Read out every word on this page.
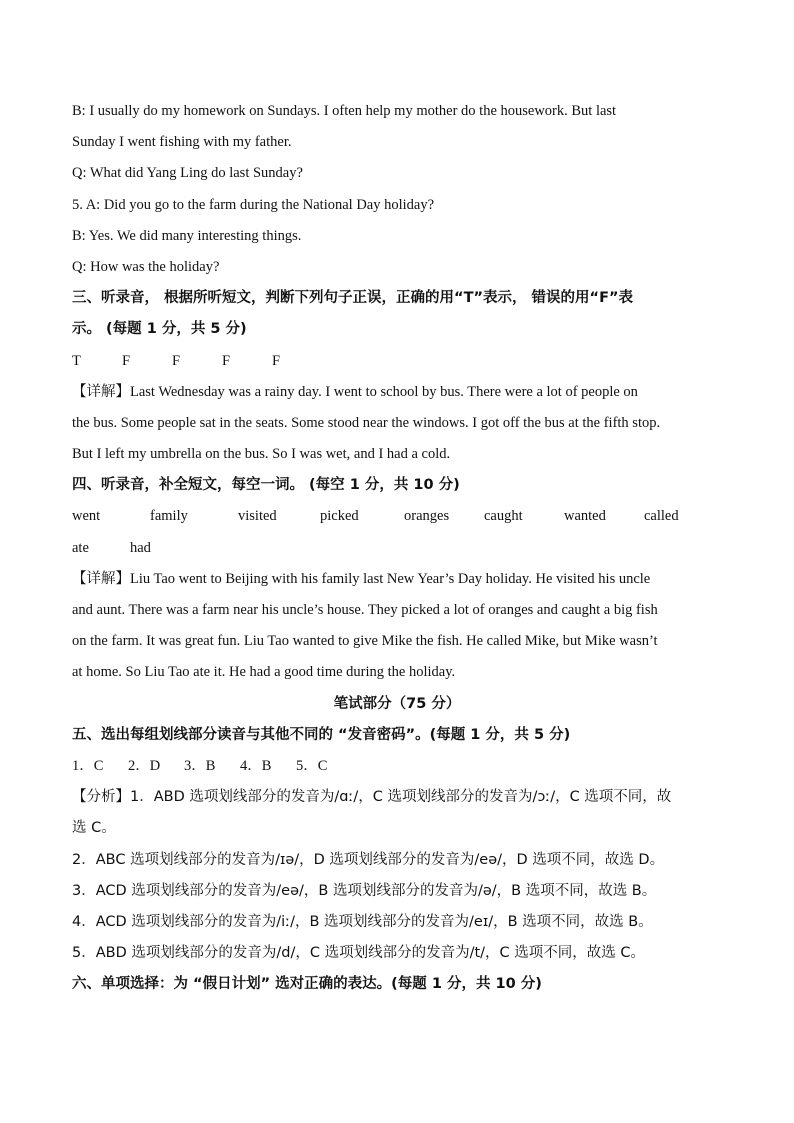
B: I usually do my homework on Sundays. I often help my mother do the housework. But last

Sunday I went fishing with my father.

Q: What did Yang Ling do last Sunday?

5. A: Did you go to the farm during the National Day holiday?

B: Yes. We did many interesting things.

Q: How was the holiday?

三、听录音， 根据所听短文，判断下列句子正误，正确的用“T”表示， 错误的用“F”表

示。 (每题 1 分，共 5 分)

T	F	F	F	F

【详解】Last Wednesday was a rainy day. I went to school by bus. There were a lot of people on

the bus. Some people sat in the seats. Some stood near the windows. I got off the bus at the fifth stop.

But I left my umbrella on the bus. So I was wet, and I had a cold.

四、听录音，补全短文，每空一词。 (每空 1 分，共 10 分)

went	family	visited	picked	oranges	caught	wanted	called
ate	had

【详解】Liu Tao went to Beijing with his family last New Year’s Day holiday. He visited his uncle

and aunt. There was a farm near his uncle’s house. They picked a lot of oranges and caught a big fish

on the farm. It was great fun. Liu Tao wanted to give Mike the fish. He called Mike, but Mike wasn’t

at home. So Liu Tao ate it. He had a good time during the holiday.

笔试部分（75 分）

五、选出每组划线部分读音与其他不同的 “发音密码”。(每题 1 分，共 5 分)

1．C	2．D	3．B	4．B	5．C

【分析】1．ABD 选项划线部分的发音为/ɑː/，C 选项划线部分的发音为/ɔː/，C 选项不同，故

选 C。

2．ABC 选项划线部分的发音为/ɪə/，D 选项划线部分的发音为/eə/，D 选项不同，故选 D。

3．ACD 选项划线部分的发音为/eə/，B 选项划线部分的发音为/ə/，B 选项不同，故选 B。

4．ACD 选项划线部分的发音为/iː/，B 选项划线部分的发音为/eɪ/，B 选项不同，故选 B。

5．ABD 选项划线部分的发音为/d/，C 选项划线部分的发音为/t/，C 选项不同，故选 C。

六、单项选择：为 “假日计划” 选对正确的表达。(每题 1 分，共 10 分)
